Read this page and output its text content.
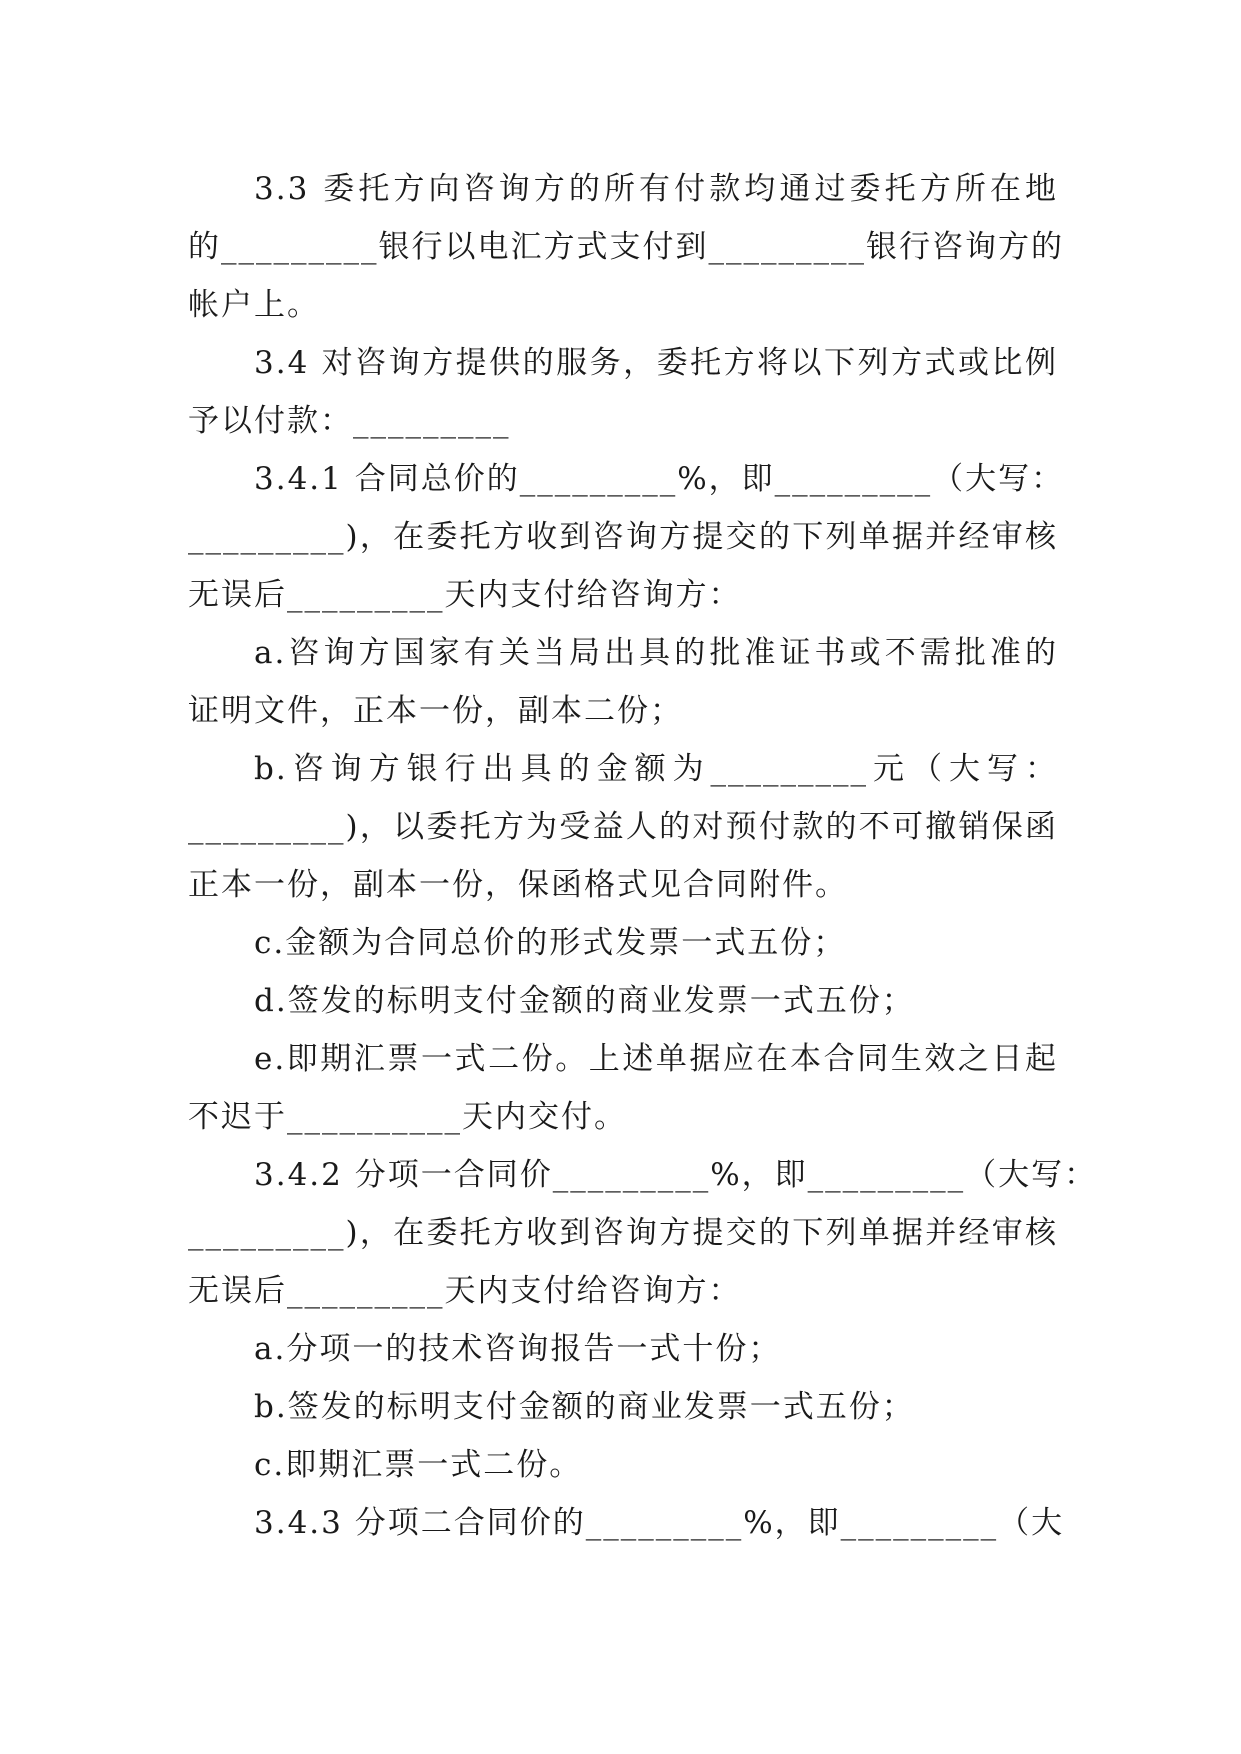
3.3 委托方向咨询方的所有付款均通过委托方所在地
的_________银行以电汇方式支付到_________银行咨询方的
帐户上。
3.4 对咨询方提供的服务，委托方将以下列方式或比例
予以付款：_________
3.4.1 合同总价的_________%，即_________（大写：
_________)，在委托方收到咨询方提交的下列单据并经审核
无误后_________天内支付给咨询方：
a.咨询方国家有关当局出具的批准证书或不需批准的
证明文件，正本一份，副本二份；
b.咨询方银行出具的金额为_________元（大写：
_________)，以委托方为受益人的对预付款的不可撤销保函
正本一份，副本一份，保函格式见合同附件。
c.金额为合同总价的形式发票一式五份；
d.签发的标明支付金额的商业发票一式五份；
e.即期汇票一式二份。上述单据应在本合同生效之日起
不迟于__________天内交付。
3.4.2 分项一合同价_________%，即_________（大写：
_________)，在委托方收到咨询方提交的下列单据并经审核
无误后_________天内支付给咨询方：
a.分项一的技术咨询报告一式十份；
b.签发的标明支付金额的商业发票一式五份；
c.即期汇票一式二份。
3.4.3 分项二合同价的_________%，即_________（大
